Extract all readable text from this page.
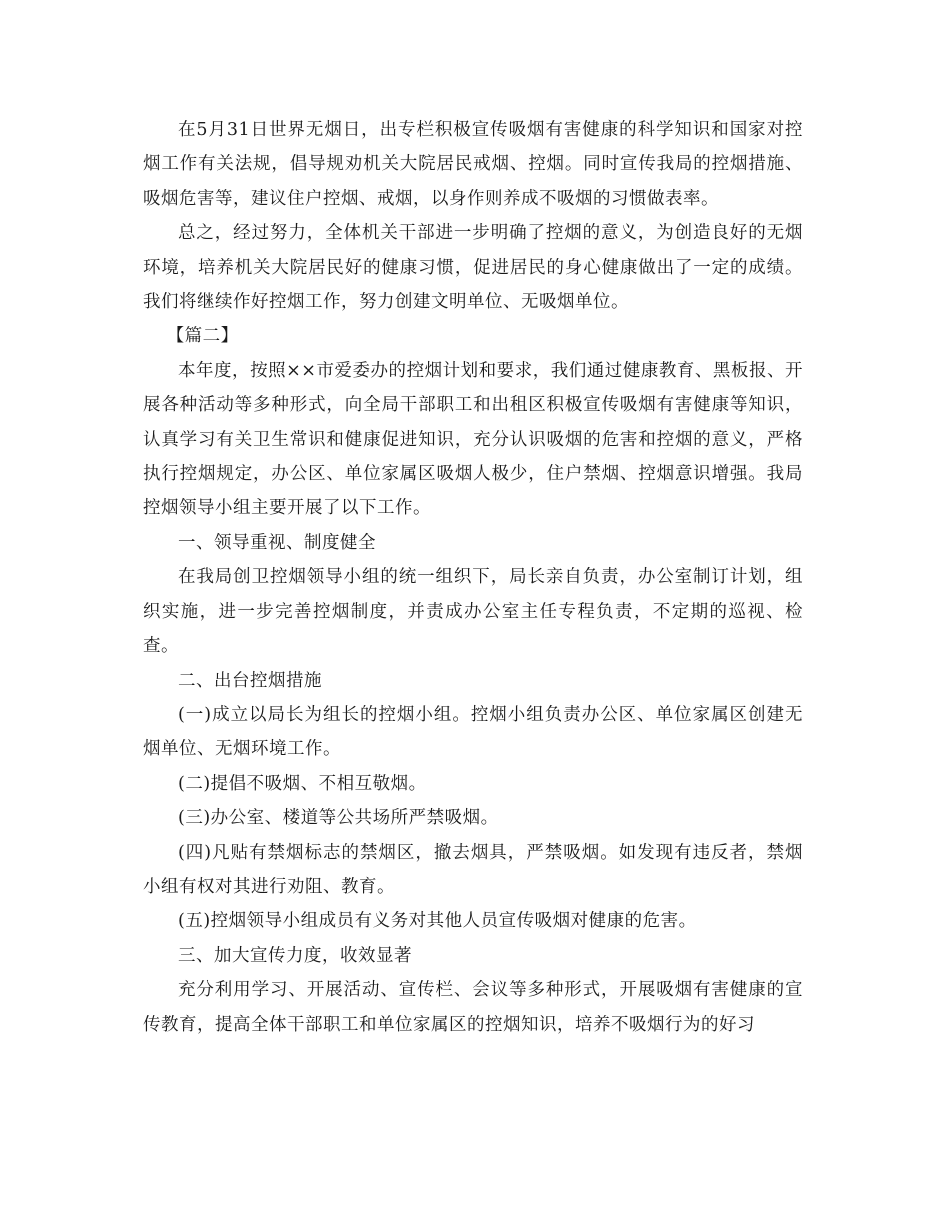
在5月31日世界无烟日，出专栏积极宣传吸烟有害健康的科学知识和国家对控烟工作有关法规，倡导规劝机关大院居民戒烟、控烟。同时宣传我局的控烟措施、吸烟危害等，建议住户控烟、戒烟，以身作则养成不吸烟的习惯做表率。

总之，经过努力，全体机关干部进一步明确了控烟的意义，为创造良好的无烟环境，培养机关大院居民好的健康习惯，促进居民的身心健康做出了一定的成绩。我们将继续作好控烟工作，努力创建文明单位、无吸烟单位。

【篇二】

本年度，按照××市爱委办的控烟计划和要求，我们通过健康教育、黑板报、开展各种活动等多种形式，向全局干部职工和出租区积极宣传吸烟有害健康等知识，认真学习有关卫生常识和健康促进知识，充分认识吸烟的危害和控烟的意义，严格执行控烟规定，办公区、单位家属区吸烟人极少，住户禁烟、控烟意识增强。我局控烟领导小组主要开展了以下工作。

一、领导重视、制度健全

在我局创卫控烟领导小组的统一组织下，局长亲自负责，办公室制订计划，组织实施，进一步完善控烟制度，并责成办公室主任专程负责，不定期的巡视、检查。

二、出台控烟措施

(一)成立以局长为组长的控烟小组。控烟小组负责办公区、单位家属区创建无烟单位、无烟环境工作。

(二)提倡不吸烟、不相互敬烟。

(三)办公室、楼道等公共场所严禁吸烟。

(四)凡贴有禁烟标志的禁烟区，撤去烟具，严禁吸烟。如发现有违反者，禁烟小组有权对其进行劝阻、教育。

(五)控烟领导小组成员有义务对其他人员宣传吸烟对健康的危害。

三、加大宣传力度，收效显著

充分利用学习、开展活动、宣传栏、会议等多种形式，开展吸烟有害健康的宣传教育，提高全体干部职工和单位家属区的控烟知识，培养不吸烟行为的好习
